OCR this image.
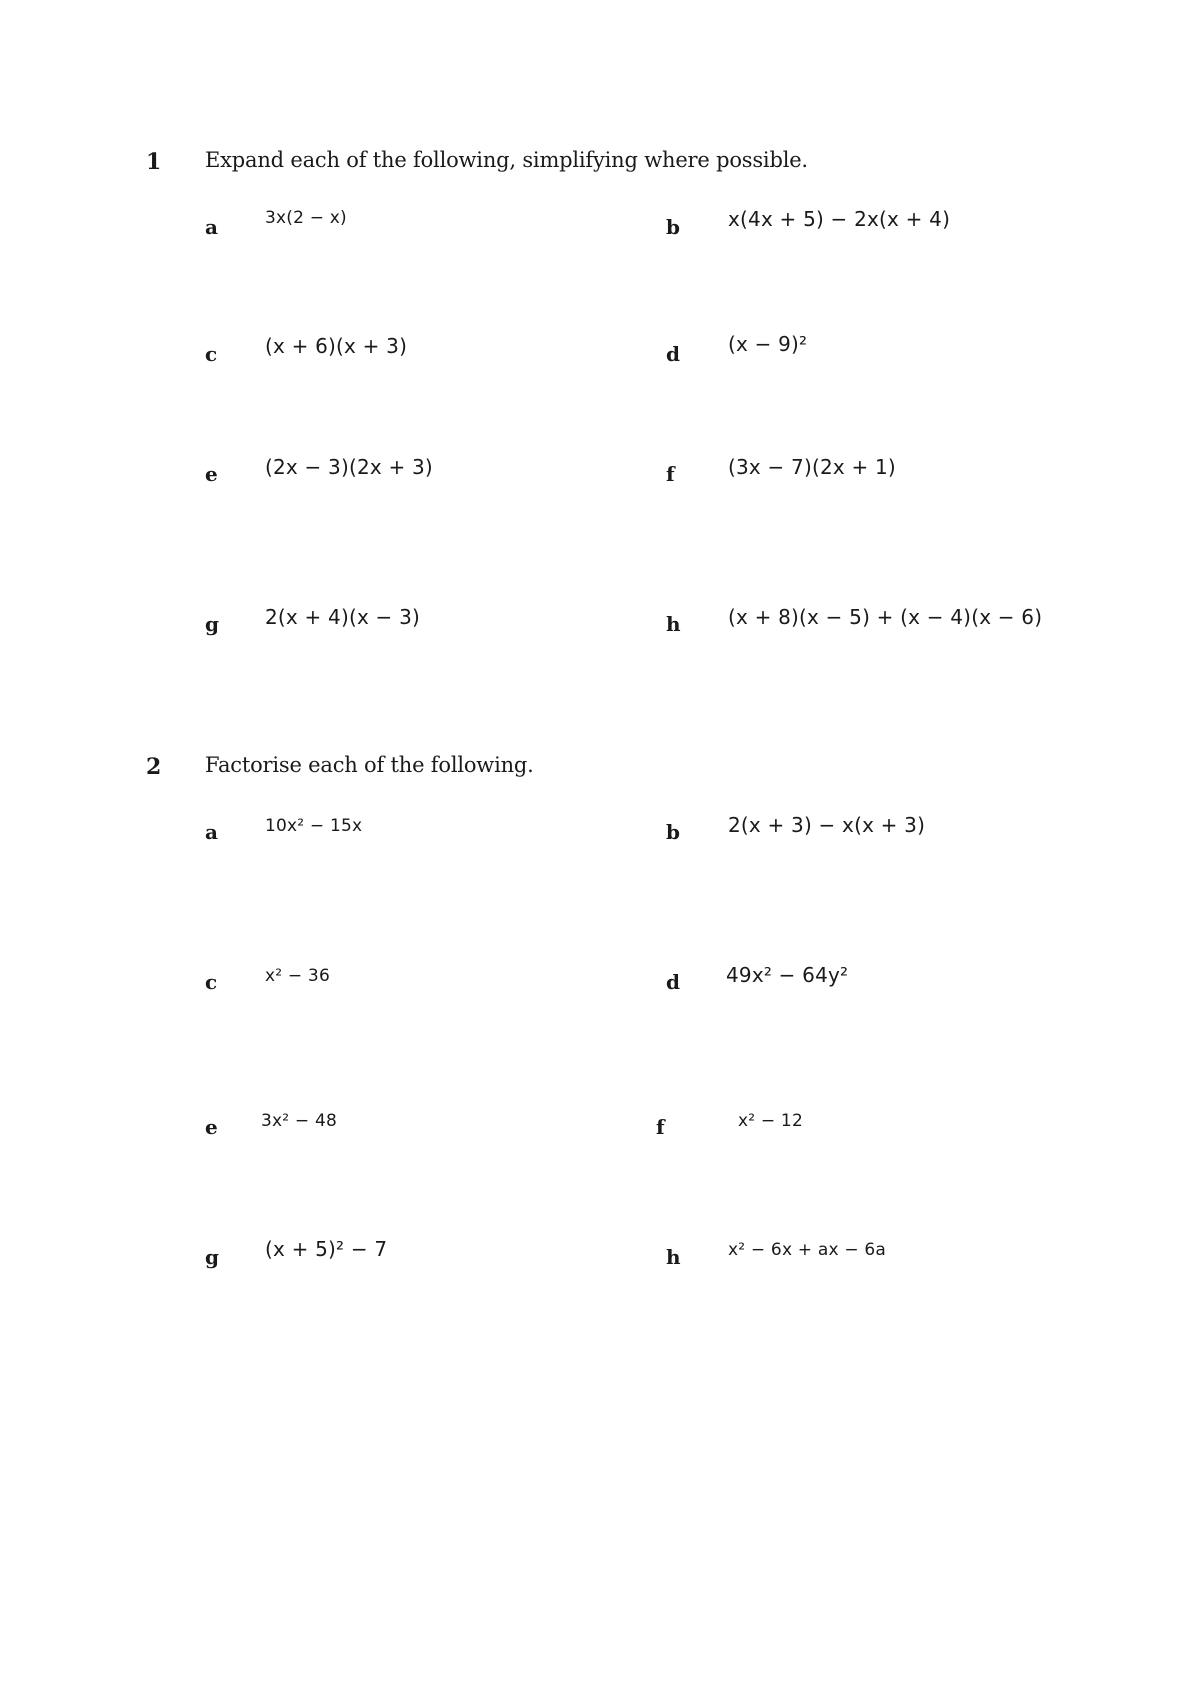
1 Expand each of the following, simplifying where possible.
a	3x(2 − x)	b x(4x + 5) − 2x(x + 4)
c (x + 6)(x + 3)	d (x − 9)²
e (2x − 3)(2x + 3)	f	(3x − 7)(2x + 1)
g 2(x + 4)(x − 3)	h (x + 8)(x − 5) + (x − 4)(x − 6)
2 Factorise each of the following.
a	10x² − 15x	b 2(x + 3) − x(x + 3)
c	x² − 36	d 49x² − 64y²
e	3x² − 48	f	x² − 12
g (x + 5)² − 7	h	x² − 6x + ax − 6a
